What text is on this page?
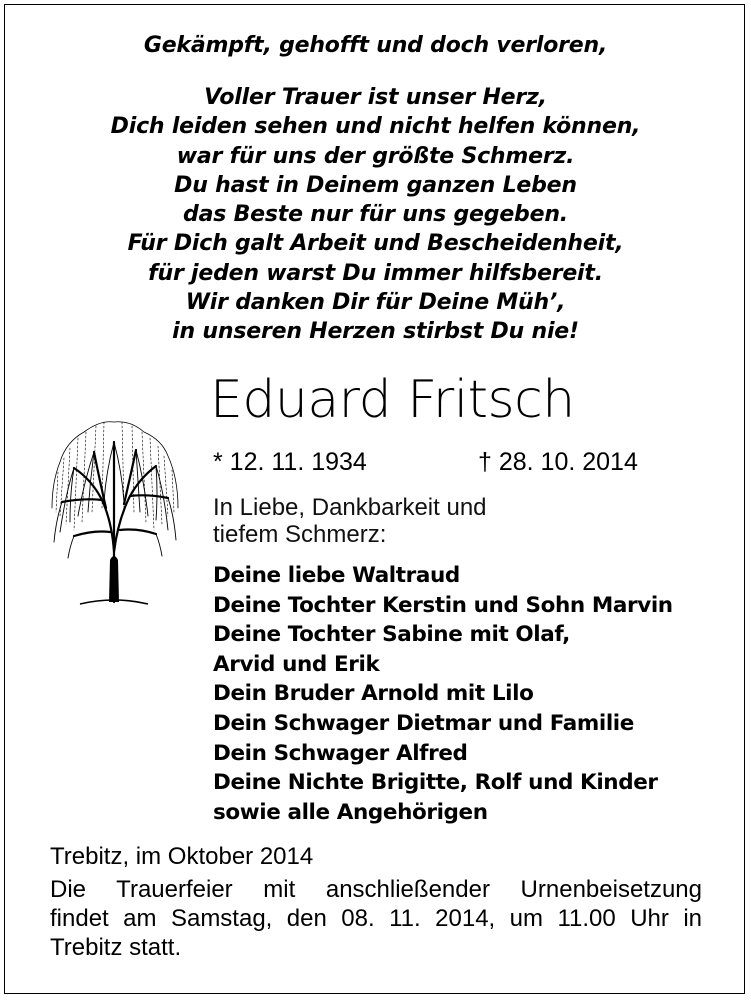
Gekämpft, gehofft und doch verloren,
Voller Trauer ist unser Herz,
Dich leiden sehen und nicht helfen können,
war für uns der größte Schmerz.
Du hast in Deinem ganzen Leben
das Beste nur für uns gegeben.
Für Dich galt Arbeit und Bescheidenheit,
für jeden warst Du immer hilfsbereit.
Wir danken Dir für Deine Müh’,
in unseren Herzen stirbst Du nie!
Eduard Fritsch
* 12. 11. 1934	† 28. 10. 2014
In Liebe, Dankbarkeit und
tiefem Schmerz:
Deine liebe Waltraud
Deine Tochter Kerstin und Sohn Marvin
Deine Tochter Sabine mit Olaf,
Arvid und Erik
Dein Bruder Arnold mit Lilo
Dein Schwager Dietmar und Familie
Dein Schwager Alfred
Deine Nichte Brigitte, Rolf und Kinder
sowie alle Angehörigen
Trebitz, im Oktober 2014
Die Trauerfeier mit anschließender Urnenbeisetzung
findet am Samstag, den 08. 11. 2014, um 11.00 Uhr in
Trebitz statt.
